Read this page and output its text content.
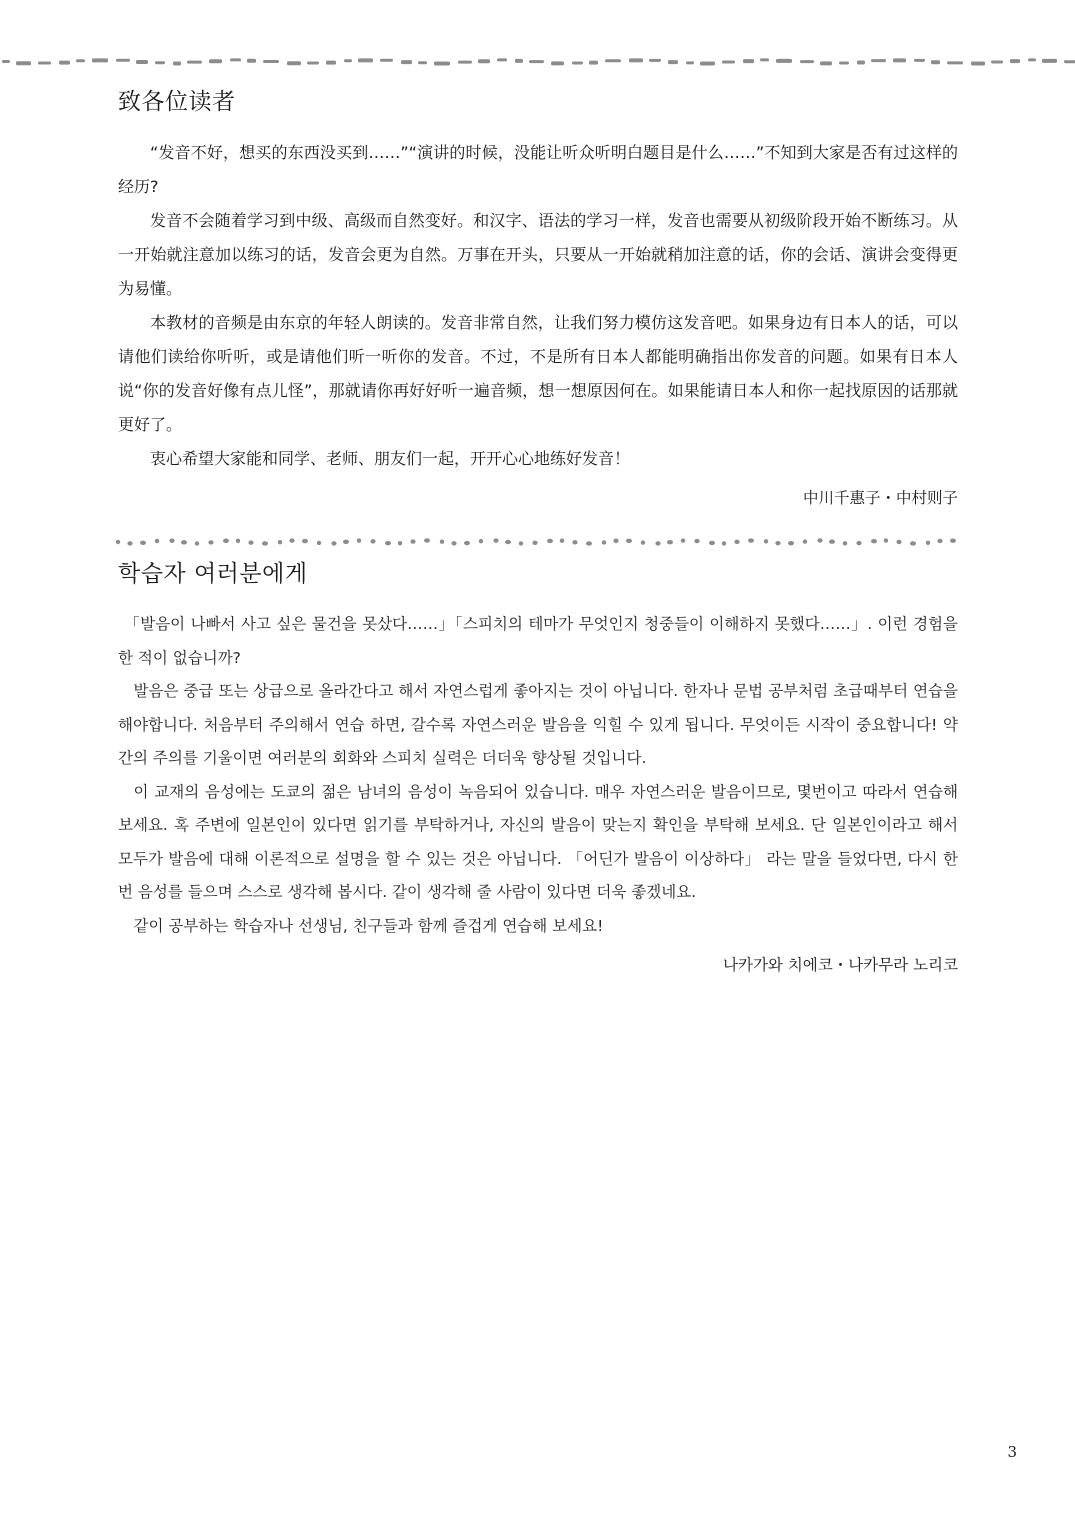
致各位读者

“发音不好，想买的东西没买到……”“演讲的时候，没能让听众听明白题目是什么……”不知到大家是否有过这样的经历?

发音不会随着学习到中级、高级而自然变好。和汉字、语法的学习一样，发音也需要从初级阶段开始不断练习。从一开始就注意加以练习的话，发音会更为自然。万事在开头，只要从一开始就稍加注意的话，你的会话、演讲会变得更为易懂。

本教材的音频是由东京的年轻人朗读的。发音非常自然，让我们努力模仿这发音吧。如果身边有日本人的话，可以请他们读给你听听，或是请他们听一听你的发音。不过，不是所有日本人都能明确指出你发音的问题。如果有日本人说“你的发音好像有点儿怪”，那就请你再好好听一遍音频，想一想原因何在。如果能请日本人和你一起找原因的话那就更好了。

衷心希望大家能和同学、老师、朋友们一起，开开心心地练好发音！

中川千惠子・中村则子

학습자 여러분에게

「발음이 나빠서 사고 싶은 물건을 못샀다……」「스피치의 테마가 무엇인지 청중들이 이해하지 못했다……」. 이런 경험을 한 적이 없습니까?

발음은 중급 또는 상급으로 올라간다고 해서 자연스럽게 좋아지는 것이 아닙니다. 한자나 문법 공부처럼 초급때부터 연습을 해야합니다. 처음부터 주의해서 연습 하면, 갈수록 자연스러운 발음을 익힐 수 있게 됩니다. 무엇이든 시작이 중요합니다! 약간의 주의를 기울이면 여러분의 회화와 스피치 실력은 더더욱 향상될 것입니다.

이 교재의 음성에는 도쿄의 젊은 남녀의 음성이 녹음되어 있습니다. 매우 자연스러운 발음이므로, 몇번이고 따라서 연습해 보세요. 혹 주변에 일본인이 있다면 읽기를 부탁하거나, 자신의 발음이 맞는지 확인을 부탁해 보세요. 단 일본인이라고 해서 모두가 발음에 대해 이론적으로 설명을 할 수 있는 것은 아닙니다. 「어딘가 발음이 이상하다」 라는 말을 들었다면, 다시 한번 음성를 들으며 스스로 생각해 봅시다. 같이 생각해 줄 사람이 있다면 더욱 좋겠네요.

같이 공부하는 학습자나 선생님, 친구들과 함께 즐겁게 연습해 보세요!

나카가와 치에코・나카무라 노리코

3
